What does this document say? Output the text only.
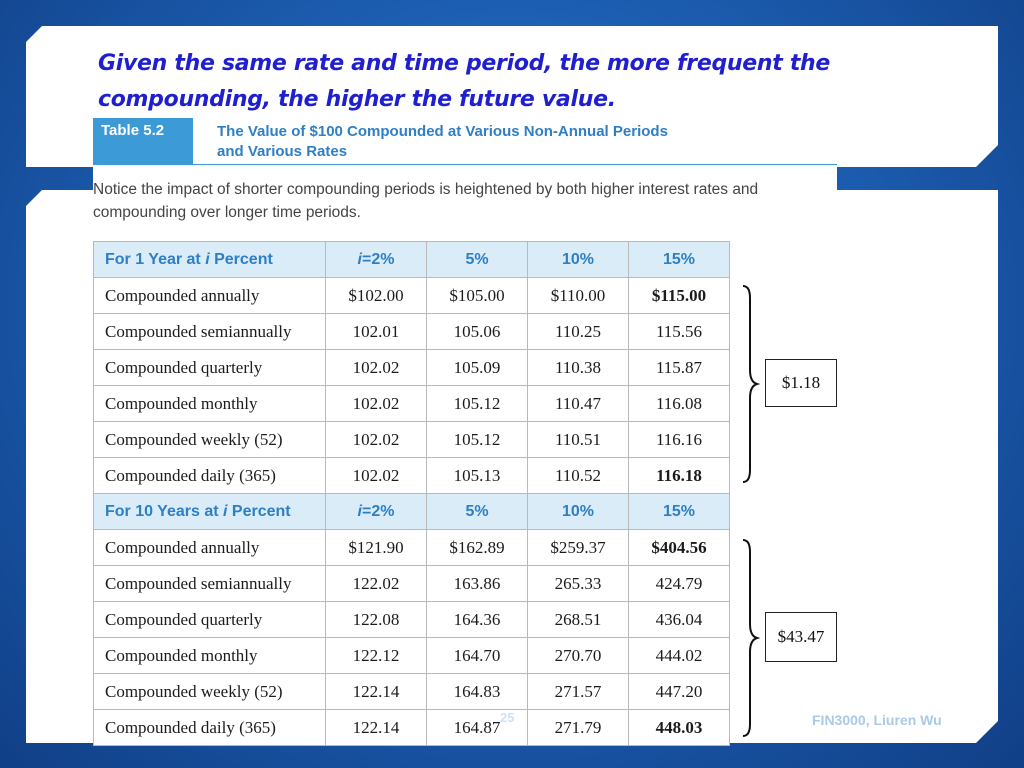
Given the same rate and time period, the more frequent the compounding, the higher the future value.

Table 5.2	The Value of $100 Compounded at Various Non-Annual Periods
and Various Rates

Notice the impact of shorter compounding periods is heightened by both higher interest rates and compounding over longer time periods.

For 1 Year at i Percent	i=2%	5%	10%	15%
Compounded annually	$102.00	$105.00	$110.00	$115.00
Compounded semiannually	102.01	105.06	110.25	115.56
Compounded quarterly	102.02	105.09	110.38	115.87
Compounded monthly	102.02	105.12	110.47	116.08
Compounded weekly (52)	102.02	105.12	110.51	116.16
Compounded daily (365)	102.02	105.13	110.52	116.18
For 10 Years at i Percent	i=2%	5%	10%	15%
Compounded annually	$121.90	$162.89	$259.37	$404.56
Compounded semiannually	122.02	163.86	265.33	424.79
Compounded quarterly	122.08	164.36	268.51	436.04
Compounded monthly	122.12	164.70	270.70	444.02
Compounded weekly (52)	122.14	164.83	271.57	447.20
Compounded daily (365)	122.14	164.87	271.79	448.03
$1.18
$43.47
25	FIN3000, Liuren Wu
